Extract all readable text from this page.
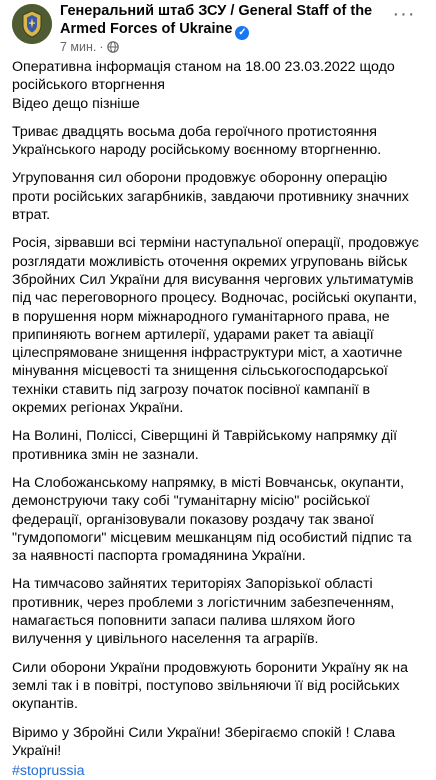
Генеральний штаб ЗСУ / General Staff of the Armed Forces of Ukraine ✓
7 мин. ·
···

Оперативна інформація станом на 18.00 23.03.2022 щодо російського вторгнення
Відео дещо пізніше

Триває двадцять восьма доба героїчного протистояння Українського народу російському воєнному вторгненню.

Угруповання сил оборони продовжує оборонну операцію проти російських загарбників, завдаючи противнику значних втрат.

Росія, зірвавши всі терміни наступальної операції, продовжує розглядати можливість оточення окремих угруповань військ Збройних Сил України для висування чергових ультиматумів під час переговорного процесу. Водночас, російські окупанти, в порушення норм міжнародного гуманітарного права, не припиняють вогнем артилерії, ударами ракет та авіації цілеспрямоване знищення інфраструктури міст, а хаотичне мінування місцевості та знищення сільськогосподарської техніки ставить під загрозу початок посівної кампанії в окремих регіонах України.

На Волині, Поліссі, Сіверщині й Таврійському напрямку дії противника змін не зазнали.

На Слобожанському напрямку, в місті Вовчанськ, окупанти, демонструючи таку собі "гуманітарну місію" російської федерації, організовували показову роздачу так званої "гумдопомоги" місцевим мешканцям під особистий підпис та за наявності паспорта громадянина України.

На тимчасово зайнятих територіях Запорізької області противник, через проблеми з логістичним забезпеченням, намагається поповнити запаси палива шляхом його вилучення у цивільного населення та аграріїв.

Сили оборони України продовжують боронити Україну як на землі так і в повітрі, поступово звільняючи її від російських окупантів.

Віримо у Збройні Сили України! Зберігаємо спокій ! Слава Україні!

#stoprussia
